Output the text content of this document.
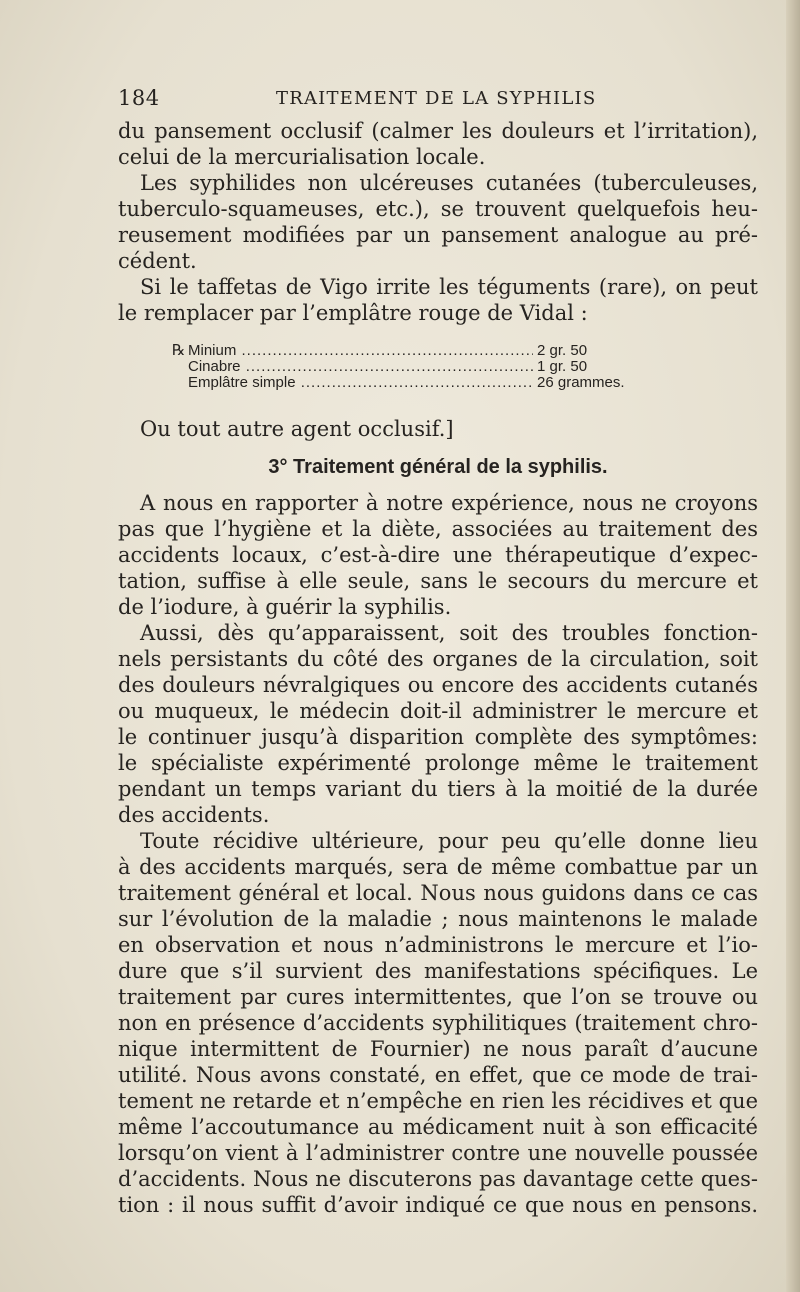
184	TRAITEMENT DE LA SYPHILIS
du pansement occlusif (calmer les douleurs et l’irritation),
celui de la mercurialisation locale.
Les syphilides non ulcéreuses cutanées (tuberculeuses,
tuberculo-squameuses, etc.), se trouvent quelquefois heu-
reusement modifiées par un pansement analogue au pré-
cédent.
Si le taffetas de Vigo irrite les téguments (rare), on peut
le remplacer par l’emplâtre rouge de Vidal :
℞ Minium .....	2 gr. 50
Cinabre .....	1 gr. 50
Emplâtre simple .....	26 grammes.
Ou tout autre agent occlusif.]
3° Traitement général de la syphilis.
A nous en rapporter à notre expérience, nous ne croyons
pas que l’hygiène et la diète, associées au traitement des
accidents locaux, c’est-à-dire une thérapeutique d’expec-
tation, suffise à elle seule, sans le secours du mercure et
de l’iodure, à guérir la syphilis.
Aussi, dès qu’apparaissent, soit des troubles fonction-
nels persistants du côté des organes de la circulation, soit
des douleurs névralgiques ou encore des accidents cutanés
ou muqueux, le médecin doit-il administrer le mercure et
le continuer jusqu’à disparition complète des symptômes:
le spécialiste expérimenté prolonge même le traitement
pendant un temps variant du tiers à la moitié de la durée
des accidents.
Toute récidive ultérieure, pour peu qu’elle donne lieu
à des accidents marqués, sera de même combattue par un
traitement général et local. Nous nous guidons dans ce cas
sur l’évolution de la maladie ; nous maintenons le malade
en observation et nous n’administrons le mercure et l’io-
dure que s’il survient des manifestations spécifiques. Le
traitement par cures intermittentes, que l’on se trouve ou
non en présence d’accidents syphilitiques (traitement chro-
nique intermittent de Fournier) ne nous paraît d’aucune
utilité. Nous avons constaté, en effet, que ce mode de trai-
tement ne retarde et n’empêche en rien les récidives et que
même l’accoutumance au médicament nuit à son efficacité
lorsqu’on vient à l’administrer contre une nouvelle poussée
d’accidents. Nous ne discuterons pas davantage cette ques-
tion : il nous suffit d’avoir indiqué ce que nous en pensons.
